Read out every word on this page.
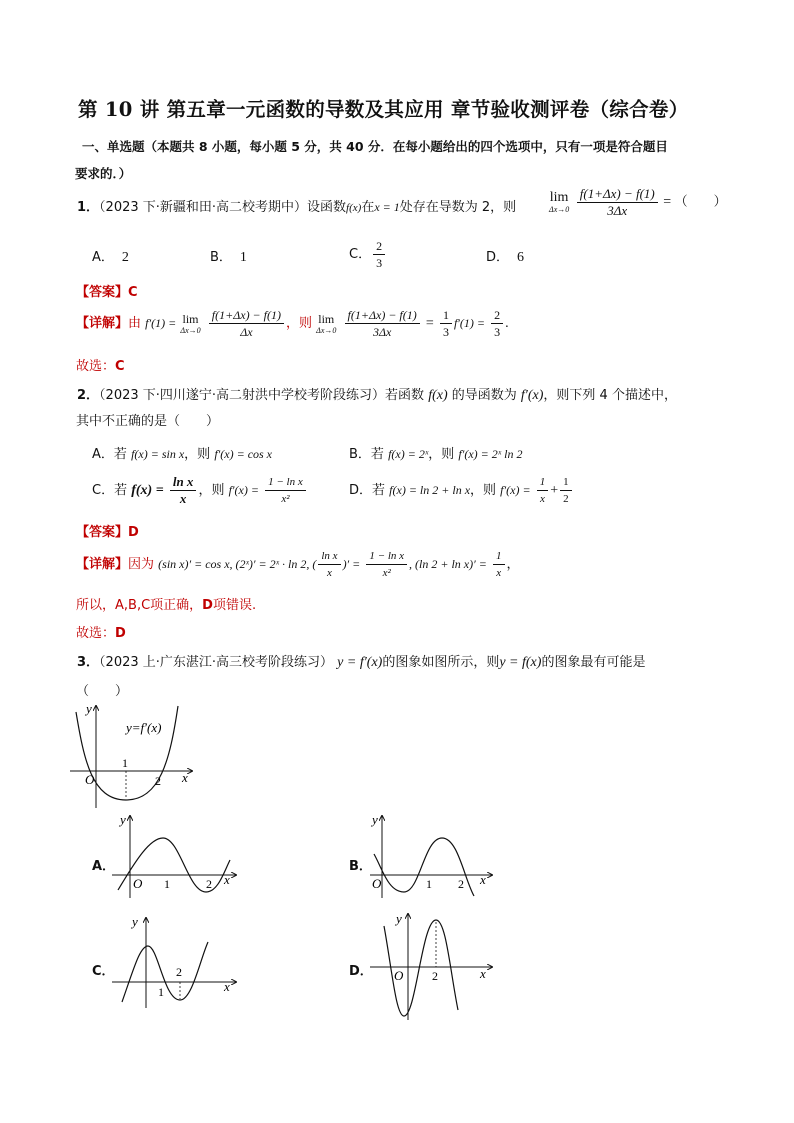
第 10 讲 第五章一元函数的导数及其应用 章节验收测评卷（综合卷）
一、单选题（本题共 8 小题，每小题 5 分，共 40 分．在每小题给出的四个选项中，只有一项是符合题目
要求的．）
1．（2023 下·新疆和田·高二校考期中）设函数f(x)在x = 1处存在导数为 2，则
lim
Δx→0
$\frac{f(1+\Delta x) - f(1)}{3\Delta x}$ = （　　）
A． 2	B． 1	C． $\frac{2}{3}$	D． 6
【答案】C
【详解】由 f′(1) = lim
Δx→0
$\frac{f(1+\Delta x) - f(1)}{\Delta x}$ ，则 lim
Δx→0
$\frac{f(1+\Delta x) - f(1)}{3\Delta x} = \frac{1}{3} f'(1) = \frac{2}{3}$ .
故选：C
2．（2023 下·四川遂宁·高二射洪中学校考阶段练习）若函数 f(x) 的导函数为 f′(x)，则下列 4 个描述中，
其中不正确的是（　　）
A．若 f(x) = sin x，则 f′(x) = cos x	B．若 f(x) = 2ˣ，则 f′(x) = 2ˣ ln 2
C．若 $f(x) = \frac{\text{ln x}}{x}$ ，则 $f'(x) = \frac{\text{1 − ln x}}{\text{x²}}$	D．若 f(x) = ln 2 + ln x，则 $f'(x) = \frac{1}{x} + \frac{1}{2}$
【答案】D
【详解】因为 (sin x)′ = cos x, (2ˣ)′ = 2ˣ · ln 2, ( $\frac{\text{ln x}}{x}$ )′ = $\frac{\text{1 − ln x}}{\text{x²}}$ , (ln $2 + \ln x)' = \frac{1}{x}$ ，
所以，A,B,C项正确，D项错误.
故选：D
3．（2023 上·广东湛江·高三校考阶段练习） y = f′(x)的图象如图所示，则y = f(x)的图象最有可能是
（　　）
y
x
O
1
2
y=f′(x)
A．
y
x
O 1	2
B．
y
x
O	1 2
C．
y
x
1
2	D．
y
x
O 2
